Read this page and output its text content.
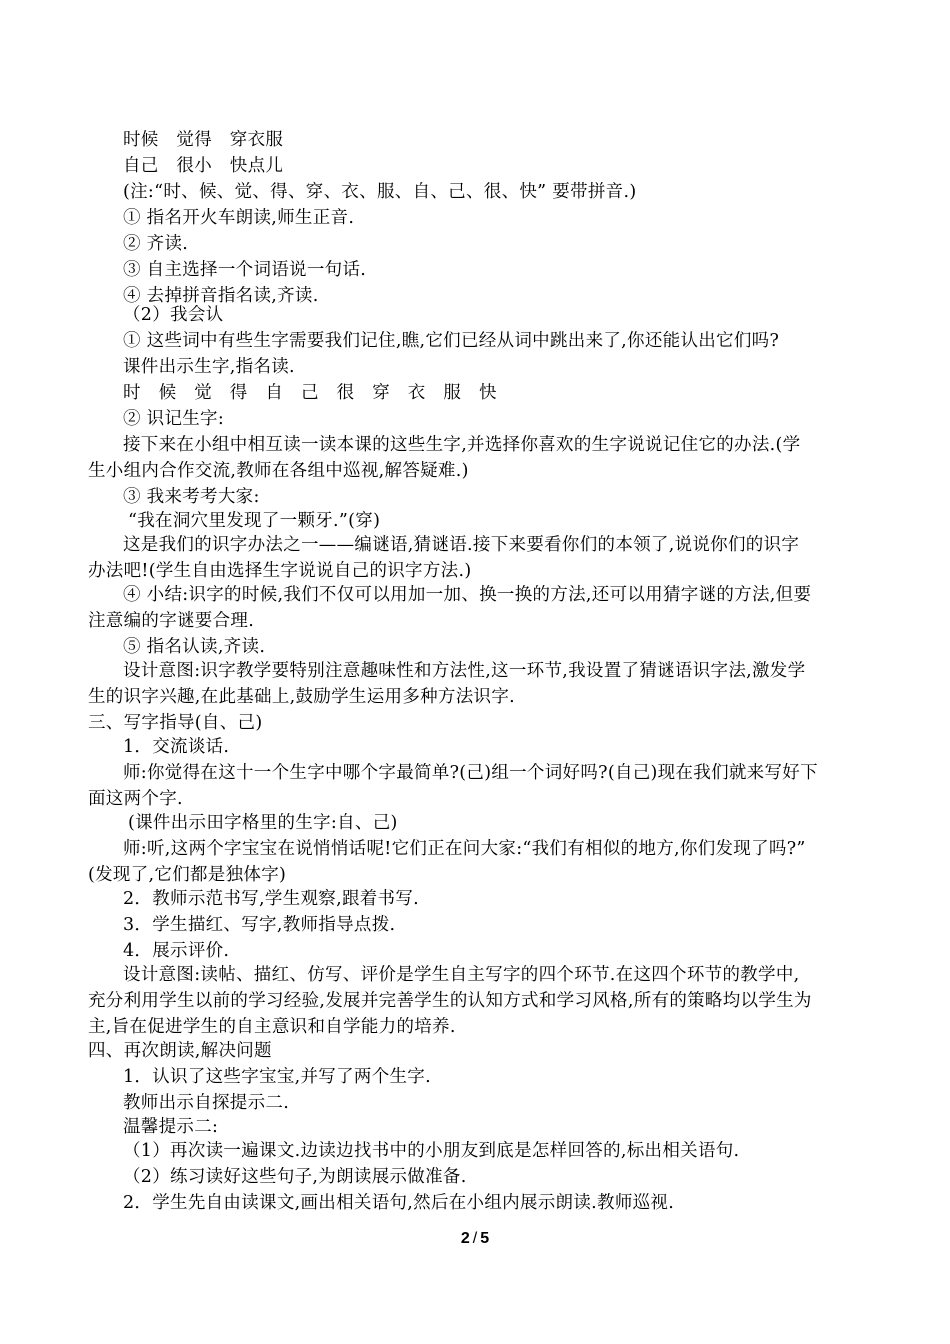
时候　觉得　穿衣服
自己　很小　快点儿
(注:“时、候、觉、得、穿、衣、服、自、己、很、快” 要带拼音.)
① 指名开火车朗读,师生正音.
② 齐读.
③ 自主选择一个词语说一句话.
④ 去掉拼音指名读,齐读.
（2）我会认
① 这些词中有些生字需要我们记住,瞧,它们已经从词中跳出来了,你还能认出它们吗?
课件出示生字,指名读.
时　候　觉　得　自　己　很　穿　衣　服　快
② 识记生字:
接下来在小组中相互读一读本课的这些生字,并选择你喜欢的生字说说记住它的办法.(学
生小组内合作交流,教师在各组中巡视,解答疑难.)
③ 我来考考大家:
“我在洞穴里发现了一颗牙.”(穿)
这是我们的识字办法之一——编谜语,猜谜语.接下来要看你们的本领了,说说你们的识字
办法吧!(学生自由选择生字说说自己的识字方法.)
④ 小结:识字的时候,我们不仅可以用加一加、换一换的方法,还可以用猜字谜的方法,但要
注意编的字谜要合理.
⑤ 指名认读,齐读.
设计意图:识字教学要特别注意趣味性和方法性,这一环节,我设置了猜谜语识字法,激发学
生的识字兴趣,在此基础上,鼓励学生运用多种方法识字.
三、写字指导(自、己)
1．交流谈话.
师:你觉得在这十一个生字中哪个字最简单?(己)组一个词好吗?(自己)现在我们就来写好下
面这两个字.
(课件出示田字格里的生字:自、己)
师:听,这两个字宝宝在说悄悄话呢!它们正在问大家:“我们有相似的地方,你们发现了吗?”
(发现了,它们都是独体字)
2．教师示范书写,学生观察,跟着书写.
3．学生描红、写字,教师指导点拨.
4．展示评价.
设计意图:读帖、描红、仿写、评价是学生自主写字的四个环节.在这四个环节的教学中,
充分利用学生以前的学习经验,发展并完善学生的认知方式和学习风格,所有的策略均以学生为
主,旨在促进学生的自主意识和自学能力的培养.
四、再次朗读,解决问题
1．认识了这些字宝宝,并写了两个生字.
教师出示自探提示二.
温馨提示二:
（1）再次读一遍课文.边读边找书中的小朋友到底是怎样回答的,标出相关语句.
（2）练习读好这些句子,为朗读展示做准备.
2．学生先自由读课文,画出相关语句,然后在小组内展示朗读.教师巡视.
2 / 5
